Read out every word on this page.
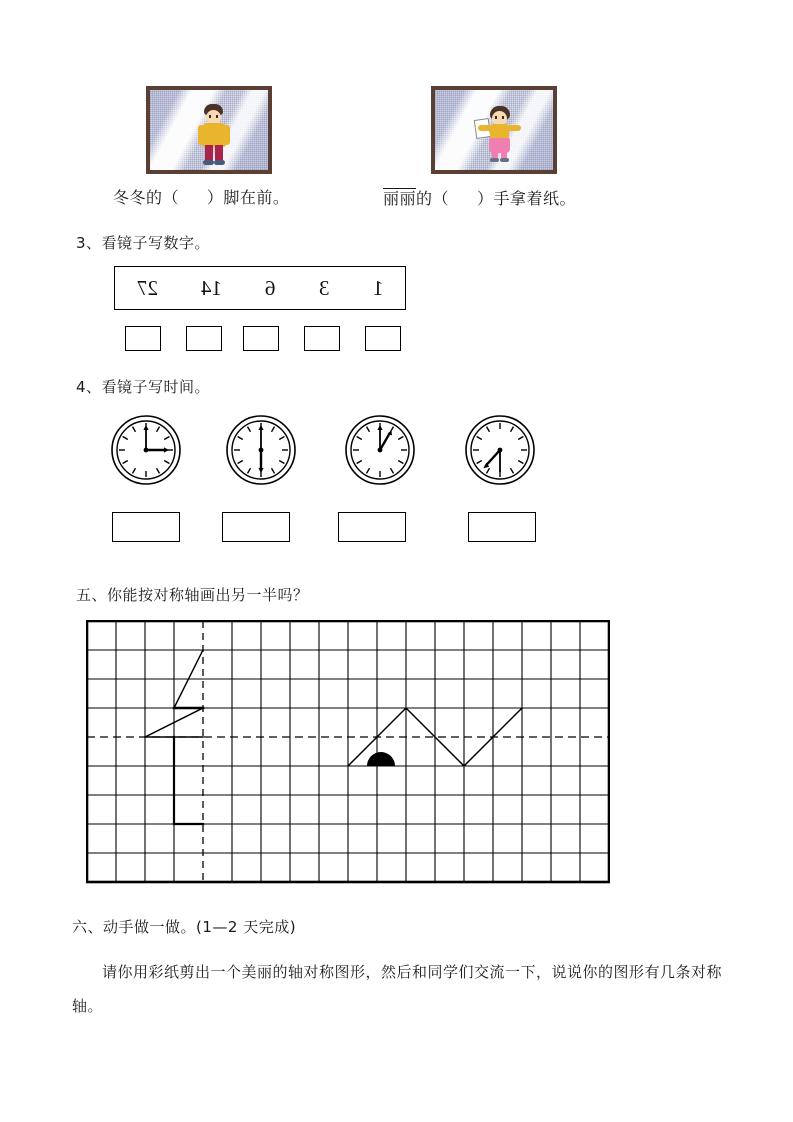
冬冬的（     ）脚在前。	丽丽的（     ）手拿着纸。
3、看镜子写数字。
27 14 6 3 1
4、看镜子写时间。
五、你能按对称轴画出另一半吗？
六、动手做一做。(1—2 天完成)
请你用彩纸剪出一个美丽的轴对称图形，然后和同学们交流一下，说说你的图形有几条对称轴。
